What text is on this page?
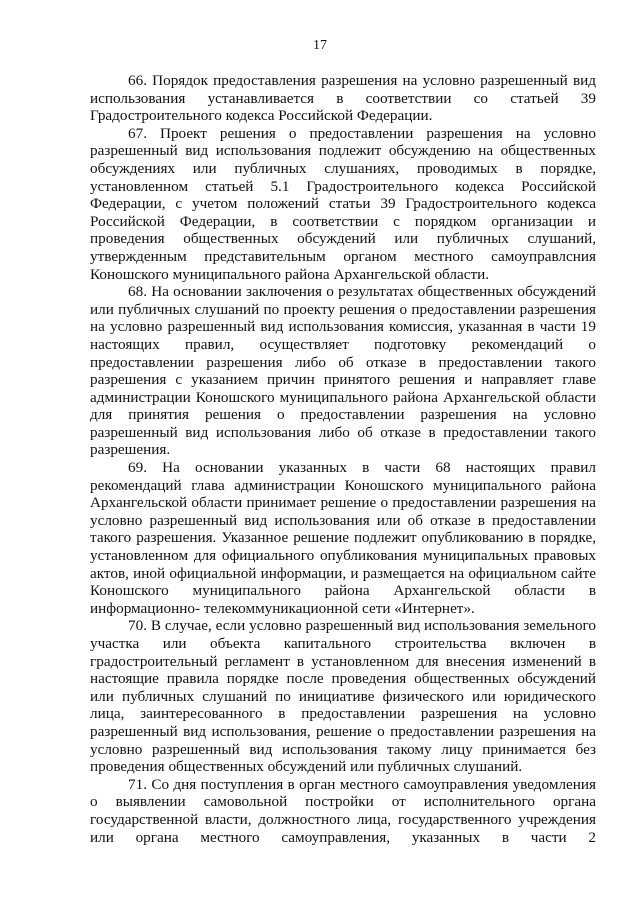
17

66. Порядок предоставления разрешения на условно разрешенный вид использования устанавливается в соответствии со статьей 39 Градостроительного кодекса Российской Федерации.

67. Проект решения о предоставлении разрешения на условно разрешенный вид использования подлежит обсуждению на общественных обсуждениях или публичных слушаниях, проводимых в порядке, установленном статьей 5.1 Градостроительного кодекса Российской Федерации, с учетом положений статьи 39 Градостроительного кодекса Российской Федерации, в соответствии с порядком организации и проведения общественных обсуждений или публичных слушаний, утвержденным представительным органом местного самоуправлсния Коношского муниципального района Архангельской области.

68. На основании заключения о результатах общественных обсуждений или публичных слушаний по проекту решения о предоставлении разрешения на условно разрешенный вид использования комиссия, указанная в части 19 настоящих правил, осуществляет подготовку рекомендаций о предоставлении разрешения либо об отказе в предоставлении такого разрешения с указанием причин принятого решения и направляет главе администрации Коношского муниципального района Архангельской области для принятия решения о предоставлении разрешения на условно разрешенный вид использования либо об отказе в предоставлении такого разрешения.

69. На основании указанных в части 68 настоящих правил рекомендаций глава администрации Коношского муниципального района Архангельской области принимает решение о предоставлении разрешения на условно разрешенный вид использования или об отказе в предоставлении такого разрешения. Указанное решение подлежит опубликованию в порядке, установленном для официального опубликования муниципальных правовых актов, иной официальной информации, и размещается на официальном сайте Коношского муниципального района Архангельской области в информационно- телекоммуникационной сети «Интернет».

70. В случае, если условно разрешенный вид использования земельного участка или объекта капитального строительства включен в градостроительный регламент в установленном для внесения изменений в настоящие правила порядке после проведения общественных обсуждений или публичных слушаний по инициативе физического или юридического лица, заинтересованного в предоставлении разрешения на условно разрешенный вид использования, решение о предоставлении разрешения на условно разрешенный вид использования такому лицу принимается без проведения общественных обсуждений или публичных слушаний.

71. Со дня поступления в орган местного самоуправления уведомления о выявлении самовольной постройки от исполнительного органа государственной власти, должностного лица, государственного учреждения или органа местного самоуправления, указанных в части 2
